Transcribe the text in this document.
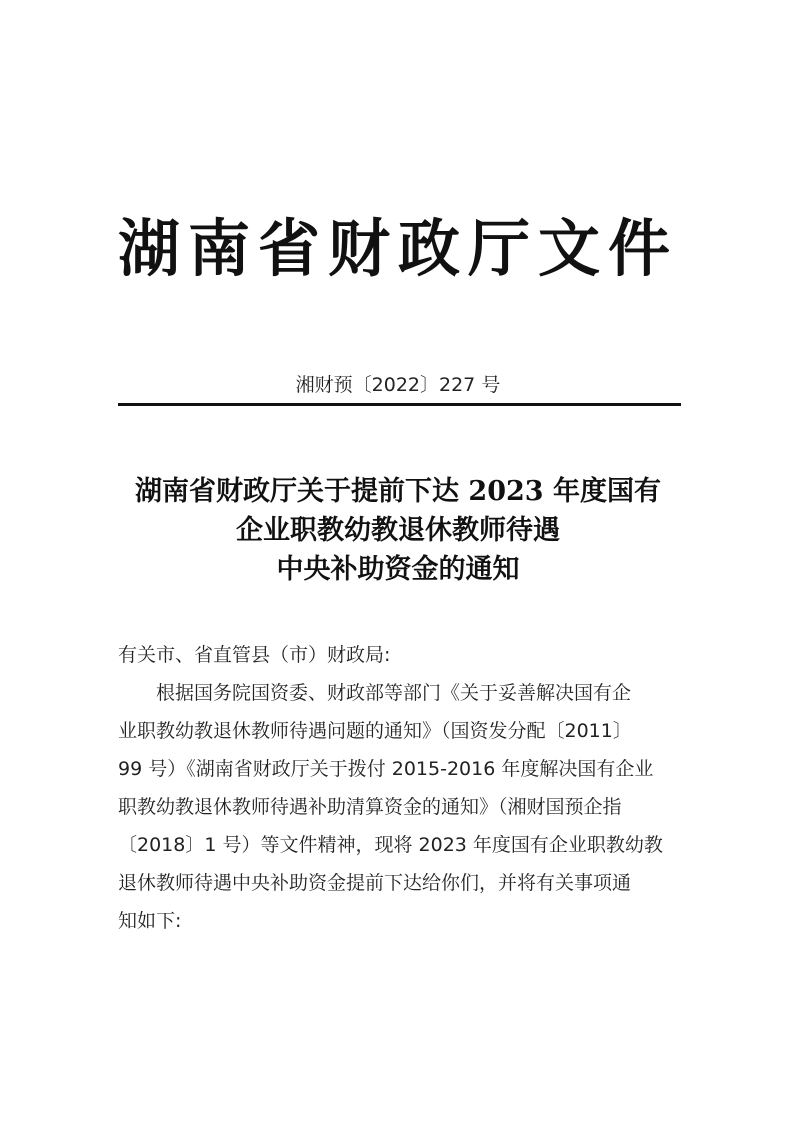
湖南省财政厅文件
湘财预〔2022〕227 号
湖南省财政厅关于提前下达 2023 年度国有
企业职教幼教退休教师待遇
中央补助资金的通知
有关市、省直管县（市）财政局:
根据国务院国资委、财政部等部门《关于妥善解决国有企
业职教幼教退休教师待遇问题的通知》（国资发分配〔2011〕
99 号）《湖南省财政厅关于拨付 2015-2016 年度解决国有企业
职教幼教退休教师待遇补助清算资金的通知》（湘财国预企指
〔2018〕1 号）等文件精神，现将 2023 年度国有企业职教幼教
退休教师待遇中央补助资金提前下达给你们，并将有关事项通
知如下:
